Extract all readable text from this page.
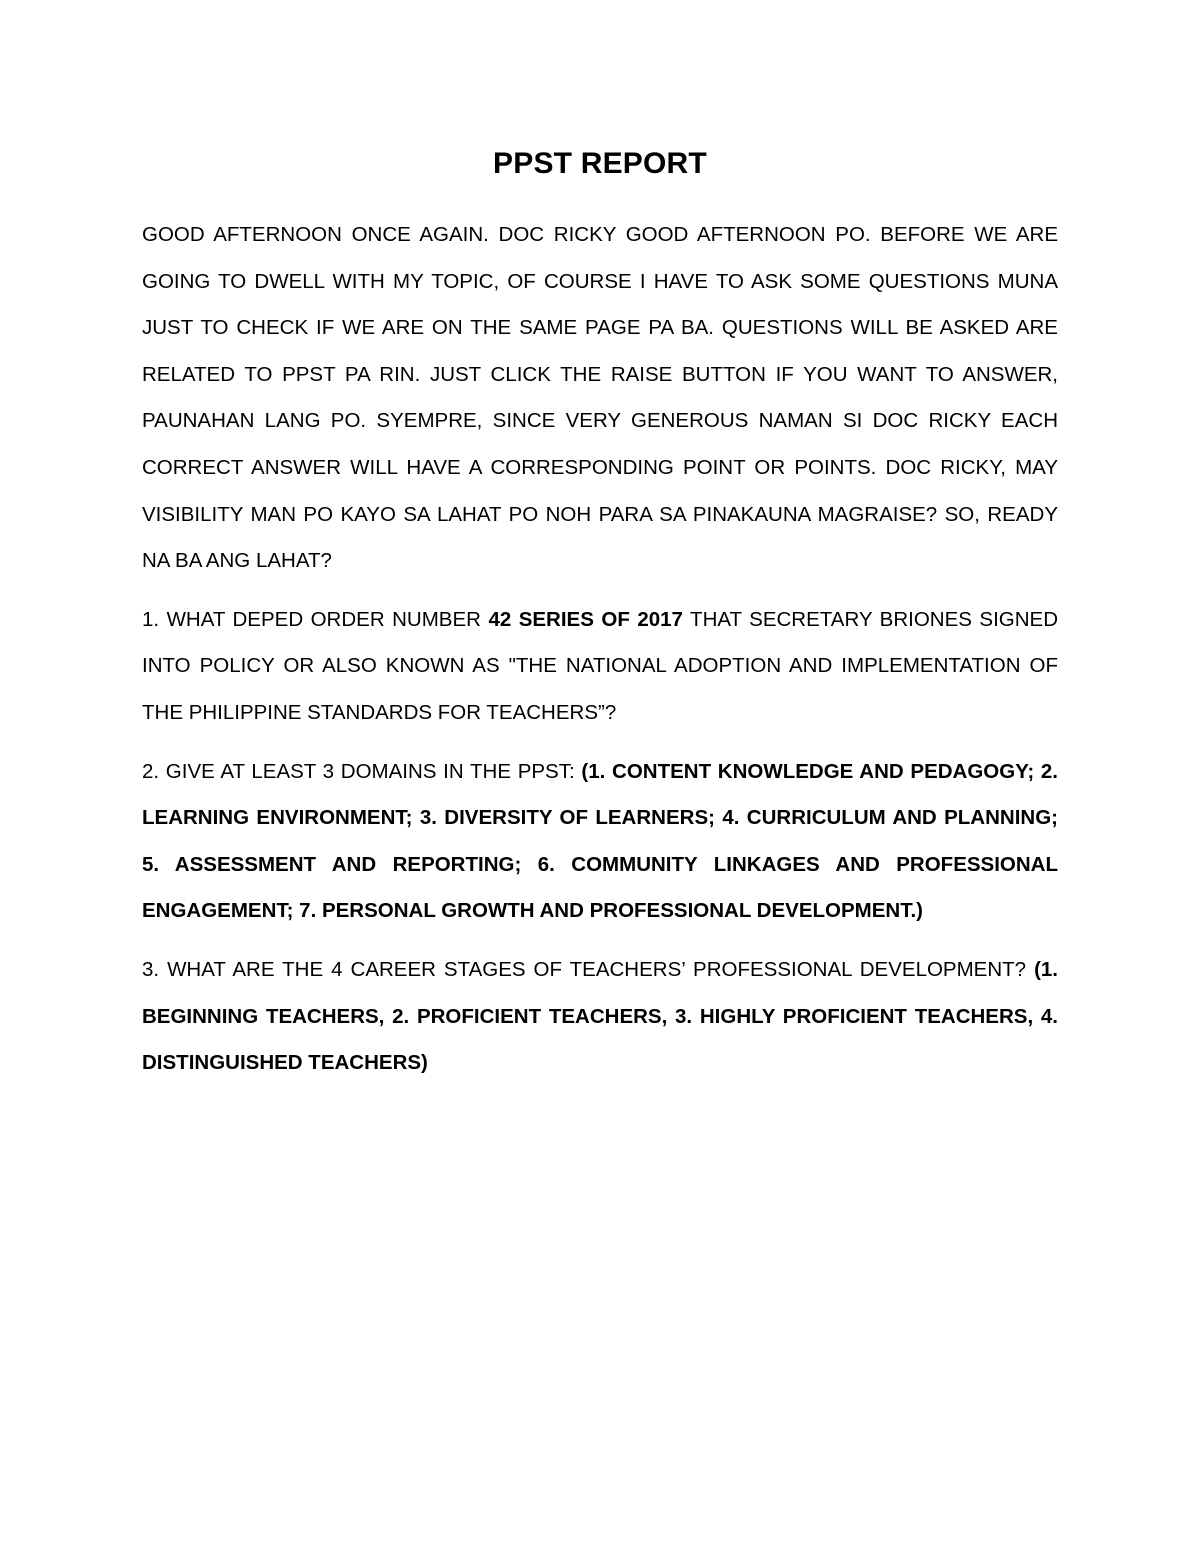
PPST REPORT

GOOD AFTERNOON ONCE AGAIN. DOC RICKY GOOD AFTERNOON PO. BEFORE WE ARE GOING TO DWELL WITH MY TOPIC, OF COURSE I HAVE TO ASK SOME QUESTIONS MUNA JUST TO CHECK IF WE ARE ON THE SAME PAGE PA BA. QUESTIONS WILL BE ASKED ARE RELATED TO PPST PA RIN. JUST CLICK THE RAISE BUTTON IF YOU WANT TO ANSWER, PAUNAHAN LANG PO. SYEMPRE, SINCE VERY GENEROUS NAMAN SI DOC RICKY EACH CORRECT ANSWER WILL HAVE A CORRESPONDING POINT OR POINTS. DOC RICKY, MAY VISIBILITY MAN PO KAYO SA LAHAT PO NOH PARA SA PINAKAUNA MAGRAISE? SO, READY NA BA ANG LAHAT?

1. WHAT DEPED ORDER NUMBER 42 SERIES OF 2017 THAT SECRETARY BRIONES SIGNED INTO POLICY OR ALSO KNOWN AS "THE NATIONAL ADOPTION AND IMPLEMENTATION OF THE PHILIPPINE STANDARDS FOR TEACHERS”?

2. GIVE AT LEAST 3 DOMAINS IN THE PPST: (1. CONTENT KNOWLEDGE AND PEDAGOGY; 2. LEARNING ENVIRONMENT; 3. DIVERSITY OF LEARNERS; 4. CURRICULUM AND PLANNING; 5. ASSESSMENT AND REPORTING; 6. COMMUNITY LINKAGES AND PROFESSIONAL ENGAGEMENT; 7. PERSONAL GROWTH AND PROFESSIONAL DEVELOPMENT.)

3. WHAT ARE THE 4 CAREER STAGES OF TEACHERS’ PROFESSIONAL DEVELOPMENT? (1. BEGINNING TEACHERS, 2. PROFICIENT TEACHERS, 3. HIGHLY PROFICIENT TEACHERS, 4. DISTINGUISHED TEACHERS)
